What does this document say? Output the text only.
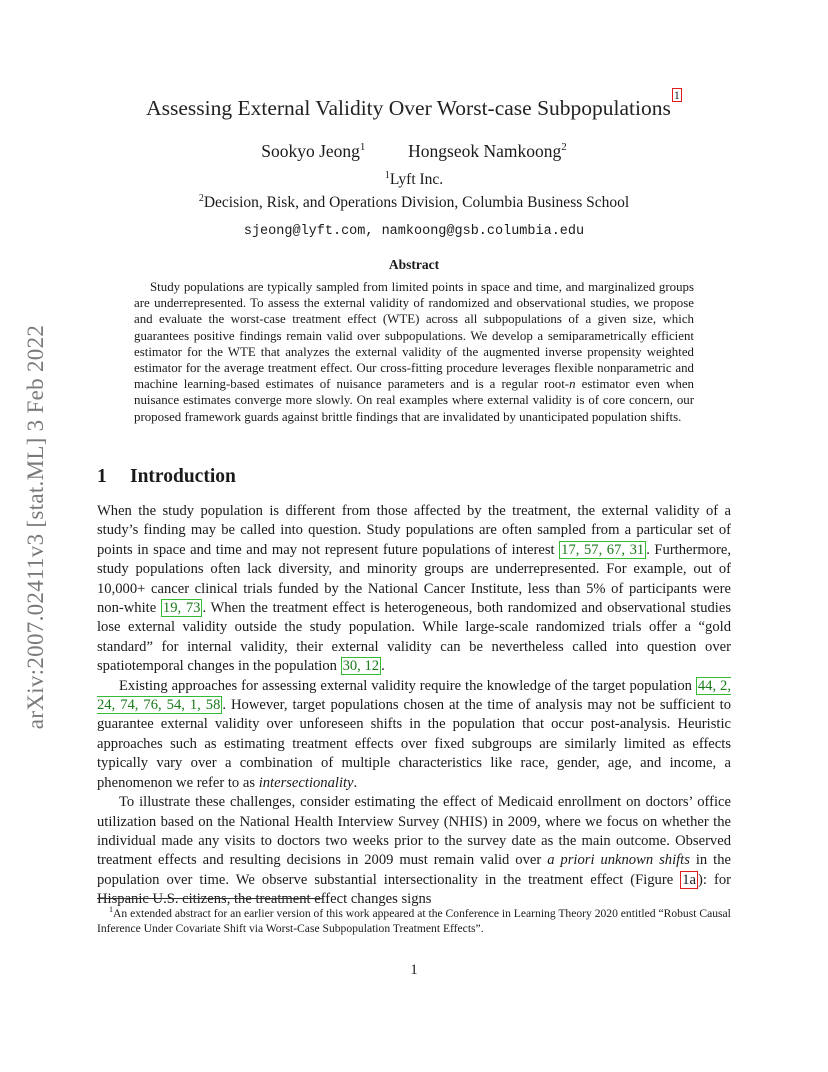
arXiv:2007.02411v3 [stat.ML] 3 Feb 2022
Assessing External Validity Over Worst-case Subpopulations$^1$
Sookyo Jeong$^1$ Hongseok Namkoong$^2$
$^1$Lyft Inc.
$^2$Decision, Risk, and Operations Division, Columbia Business School
sjeong@lyft.com, namkoong@gsb.columbia.edu
Abstract
Study populations are typically sampled from limited points in space and time, and marginalized groups are underrepresented. To assess the external validity of randomized and observational studies, we propose and evaluate the worst-case treatment effect (WTE) across all subpopulations of a given size, which guarantees positive findings remain valid over subpopulations. We develop a semiparametrically efficient estimator for the WTE that analyzes the external validity of the augmented inverse propensity weighted estimator for the average treatment effect. Our cross-fitting procedure leverages flexible nonparametric and machine learning-based estimates of nuisance parameters and is a regular root-n estimator even when nuisance estimates converge more slowly. On real examples where external validity is of core concern, our proposed framework guards against brittle findings that are invalidated by unanticipated population shifts.
1 Introduction

When the study population is different from those affected by the treatment, the external validity of a study’s finding may be called into question. Study populations are often sampled from a particular set of points in space and time and may not represent future populations of interest 17, 57, 67, 31 . Furthermore, study populations often lack diversity, and minority groups are underrepresented. For example, out of 10,000+ cancer clinical trials funded by the National Cancer Institute, less than 5% of participants were non-white 19, 73 . When the treatment effect is heterogeneous, both randomized and observational studies lose external validity outside the study population. While large-scale randomized trials offer a “gold standard” for internal validity, their external validity can be nevertheless called into question over spatiotemporal changes in the population 30, 12 .

Existing approaches for assessing external validity require the knowledge of the target population 44, 2, 24, 74, 76, 54, 1, 58 . However, target populations chosen at the time of analysis may not be sufficient to guarantee external validity over unforeseen shifts in the population that occur post-analysis. Heuristic approaches such as estimating treatment effects over fixed subgroups are similarly limited as effects typically vary over a combination of multiple characteristics like race, gender, age, and income, a phenomenon we refer to as intersectionality.

To illustrate these challenges, consider estimating the effect of Medicaid enrollment on doctors’ office utilization based on the National Health Interview Survey (NHIS) in 2009, where we focus on whether the individual made any visits to doctors two weeks prior to the survey date as the main outcome. Observed treatment effects and resulting decisions in 2009 must remain valid over a priori unknown shifts in the population over time. We observe substantial intersectionality in the treatment effect (Figure 1a ): for Hispanic U.S. citizens, the treatment effect changes signs

$^1$An extended abstract for an earlier version of this work appeared at the Conference in Learning Theory 2020 entitled “Robust Causal Inference Under Covariate Shift via Worst-Case Subpopulation Treatment Effects”.
1
